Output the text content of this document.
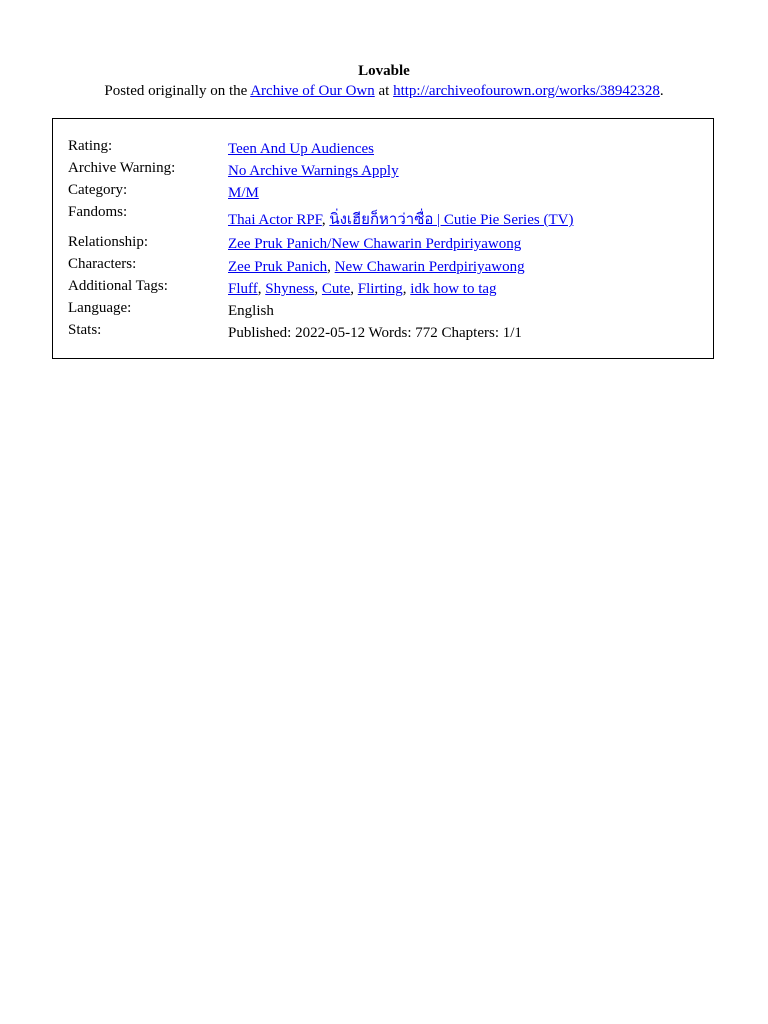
Lovable
Posted originally on the Archive of Our Own at http://archiveofourown.org/works/38942328.
Rating:	Teen And Up Audiences
Archive Warning:	No Archive Warnings Apply
Category:	M/M
Fandoms:	Thai Actor RPF, นิ่งเฮียก็หาว่าซื่อ | Cutie Pie Series (TV)
Relationship:	Zee Pruk Panich/New Chawarin Perdpiriyawong
Characters:	Zee Pruk Panich, New Chawarin Perdpiriyawong
Additional Tags:	Fluff, Shyness, Cute, Flirting, idk how to tag
Language:	English
Stats:	Published: 2022-05-12 Words: 772 Chapters: 1/1
